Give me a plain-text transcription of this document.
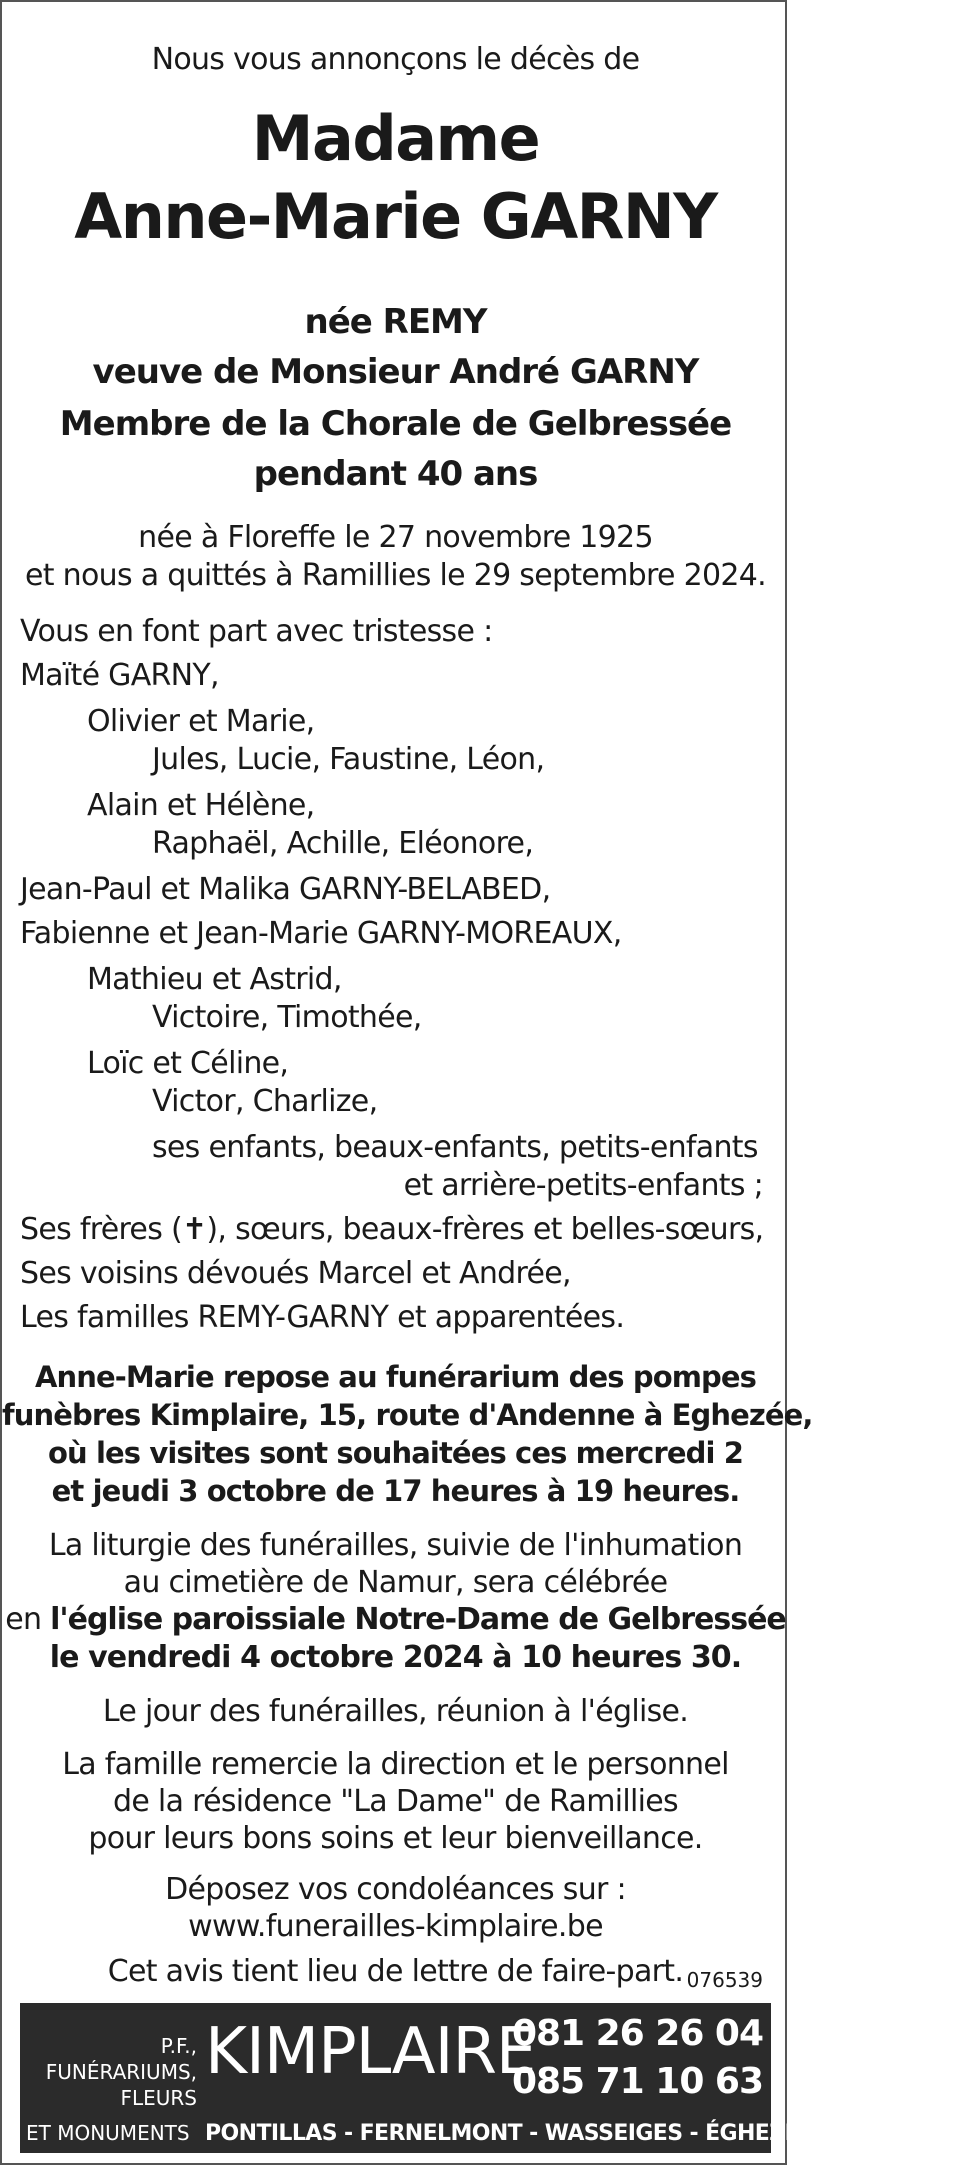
Nous vous annonçons le décès de
Madame
Anne-Marie GARNY
née REMY
veuve de Monsieur André GARNY
Membre de la Chorale de Gelbressée
pendant 40 ans
née à Floreffe le 27 novembre 1925
et nous a quittés à Ramillies le 29 septembre 2024.
Vous en font part avec tristesse :
Maïté GARNY,
Olivier et Marie,
Jules, Lucie, Faustine, Léon,
Alain et Hélène,
Raphaël, Achille, Eléonore,
Jean-Paul et Malika GARNY-BELABED,
Fabienne et Jean-Marie GARNY-MOREAUX,
Mathieu et Astrid,
Victoire, Timothée,
Loïc et Céline,
Victor, Charlize,
ses enfants, beaux-enfants, petits-enfants
et arrière-petits-enfants ;
Ses frères (✝), sœurs, beaux-frères et belles-sœurs,
Ses voisins dévoués Marcel et Andrée,
Les familles REMY-GARNY et apparentées.
Anne-Marie repose au funérarium des pompes
funèbres Kimplaire, 15, route d'Andenne à Eghezée,
où les visites sont souhaitées ces mercredi 2
et jeudi 3 octobre de 17 heures à 19 heures.
La liturgie des funérailles, suivie de l'inhumation
au cimetière de Namur, sera célébrée
en l'église paroissiale Notre-Dame de Gelbressée
le vendredi 4 octobre 2024 à 10 heures 30.
Le jour des funérailles, réunion à l'église.
La famille remercie la direction et le personnel
de la résidence "La Dame" de Ramillies
pour leurs bons soins et leur bienveillance.
Déposez vos condoléances sur :
www.funerailles-kimplaire.be
Cet avis tient lieu de lettre de faire-part. 076539
P.F.,
FUNÉRARIUMS,
FLEURS
ET MONUMENTS
KIMPLAIRE
081 26 26 04
085 71 10 63
PONTILLAS - FERNELMONT - WASSEIGES - ÉGHEZÉE - BURDINNE
